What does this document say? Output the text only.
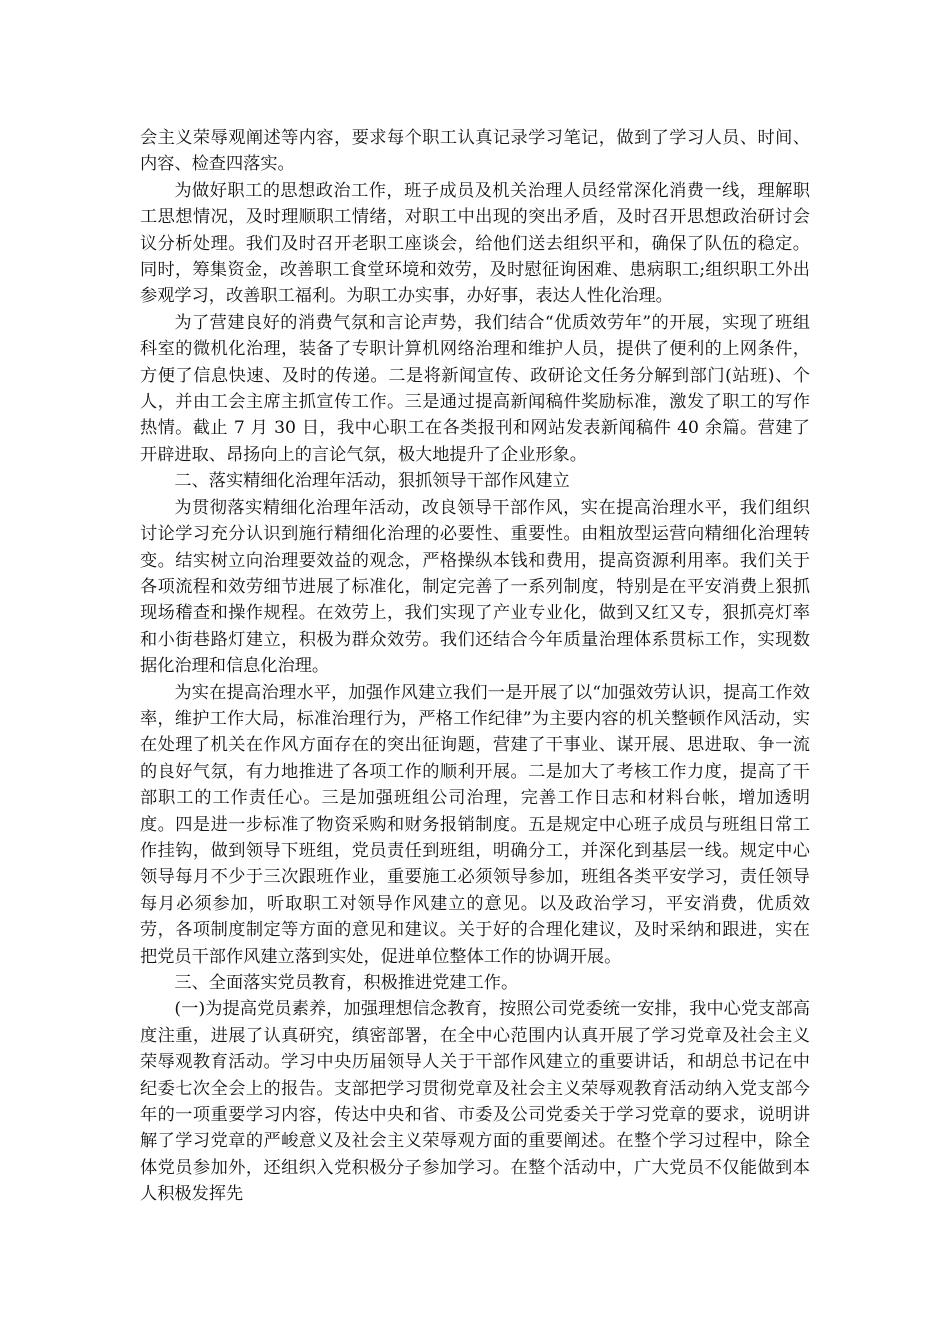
会主义荣辱观阐述等内容，要求每个职工认真记录学习笔记，做到了学习人员、时间、内容、检查四落实。

为做好职工的思想政治工作，班子成员及机关治理人员经常深化消费一线，理解职工思想情况，及时理顺职工情绪，对职工中出现的突出矛盾，及时召开思想政治研讨会议分析处理。我们及时召开老职工座谈会，给他们送去组织平和，确保了队伍的稳定。同时，筹集资金，改善职工食堂环境和效劳，及时慰征询困难、患病职工;组织职工外出参观学习，改善职工福利。为职工办实事，办好事，表达人性化治理。

为了营建良好的消费气氛和言论声势，我们结合“优质效劳年”的开展，实现了班组科室的微机化治理，装备了专职计算机网络治理和维护人员，提供了便利的上网条件，方便了信息快速、及时的传递。二是将新闻宣传、政研论文任务分解到部门(站班)、个人，并由工会主席主抓宣传工作。三是通过提高新闻稿件奖励标准，激发了职工的写作热情。截止 7 月 30 日，我中心职工在各类报刊和网站发表新闻稿件 40 余篇。营建了开辟进取、昂扬向上的言论气氛，极大地提升了企业形象。

二、落实精细化治理年活动，狠抓领导干部作风建立

为贯彻落实精细化治理年活动，改良领导干部作风，实在提高治理水平，我们组织讨论学习充分认识到施行精细化治理的必要性、重要性。由粗放型运营向精细化治理转变。结实树立向治理要效益的观念，严格操纵本钱和费用，提高资源利用率。我们关于各项流程和效劳细节进展了标准化，制定完善了一系列制度，特别是在平安消费上狠抓现场稽查和操作规程。在效劳上，我们实现了产业专业化，做到又红又专，狠抓亮灯率和小街巷路灯建立，积极为群众效劳。我们还结合今年质量治理体系贯标工作，实现数据化治理和信息化治理。

为实在提高治理水平，加强作风建立我们一是开展了以“加强效劳认识，提高工作效率，维护工作大局，标准治理行为，严格工作纪律”为主要内容的机关整顿作风活动，实在处理了机关在作风方面存在的突出征询题，营建了干事业、谋开展、思进取、争一流的良好气氛，有力地推进了各项工作的顺利开展。二是加大了考核工作力度，提高了干部职工的工作责任心。三是加强班组公司治理，完善工作日志和材料台帐，增加透明度。四是进一步标准了物资采购和财务报销制度。五是规定中心班子成员与班组日常工作挂钩，做到领导下班组，党员责任到班组，明确分工，并深化到基层一线。规定中心领导每月不少于三次跟班作业，重要施工必须领导参加，班组各类平安学习，责任领导每月必须参加，听取职工对领导作风建立的意见。以及政治学习，平安消费，优质效劳，各项制度制定等方面的意见和建议。关于好的合理化建议，及时采纳和跟进，实在把党员干部作风建立落到实处，促进单位整体工作的协调开展。

三、全面落实党员教育，积极推进党建工作。

(一)为提高党员素养，加强理想信念教育，按照公司党委统一安排，我中心党支部高度注重，进展了认真研究，缜密部署，在全中心范围内认真开展了学习党章及社会主义荣辱观教育活动。学习中央历届领导人关于干部作风建立的重要讲话，和胡总书记在中纪委七次全会上的报告。支部把学习贯彻党章及社会主义荣辱观教育活动纳入党支部今年的一项重要学习内容，传达中央和省、市委及公司党委关于学习党章的要求，说明讲解了学习党章的严峻意义及社会主义荣辱观方面的重要阐述。在整个学习过程中，除全体党员参加外，还组织入党积极分子参加学习。在整个活动中，广大党员不仅能做到本人积极发挥先
